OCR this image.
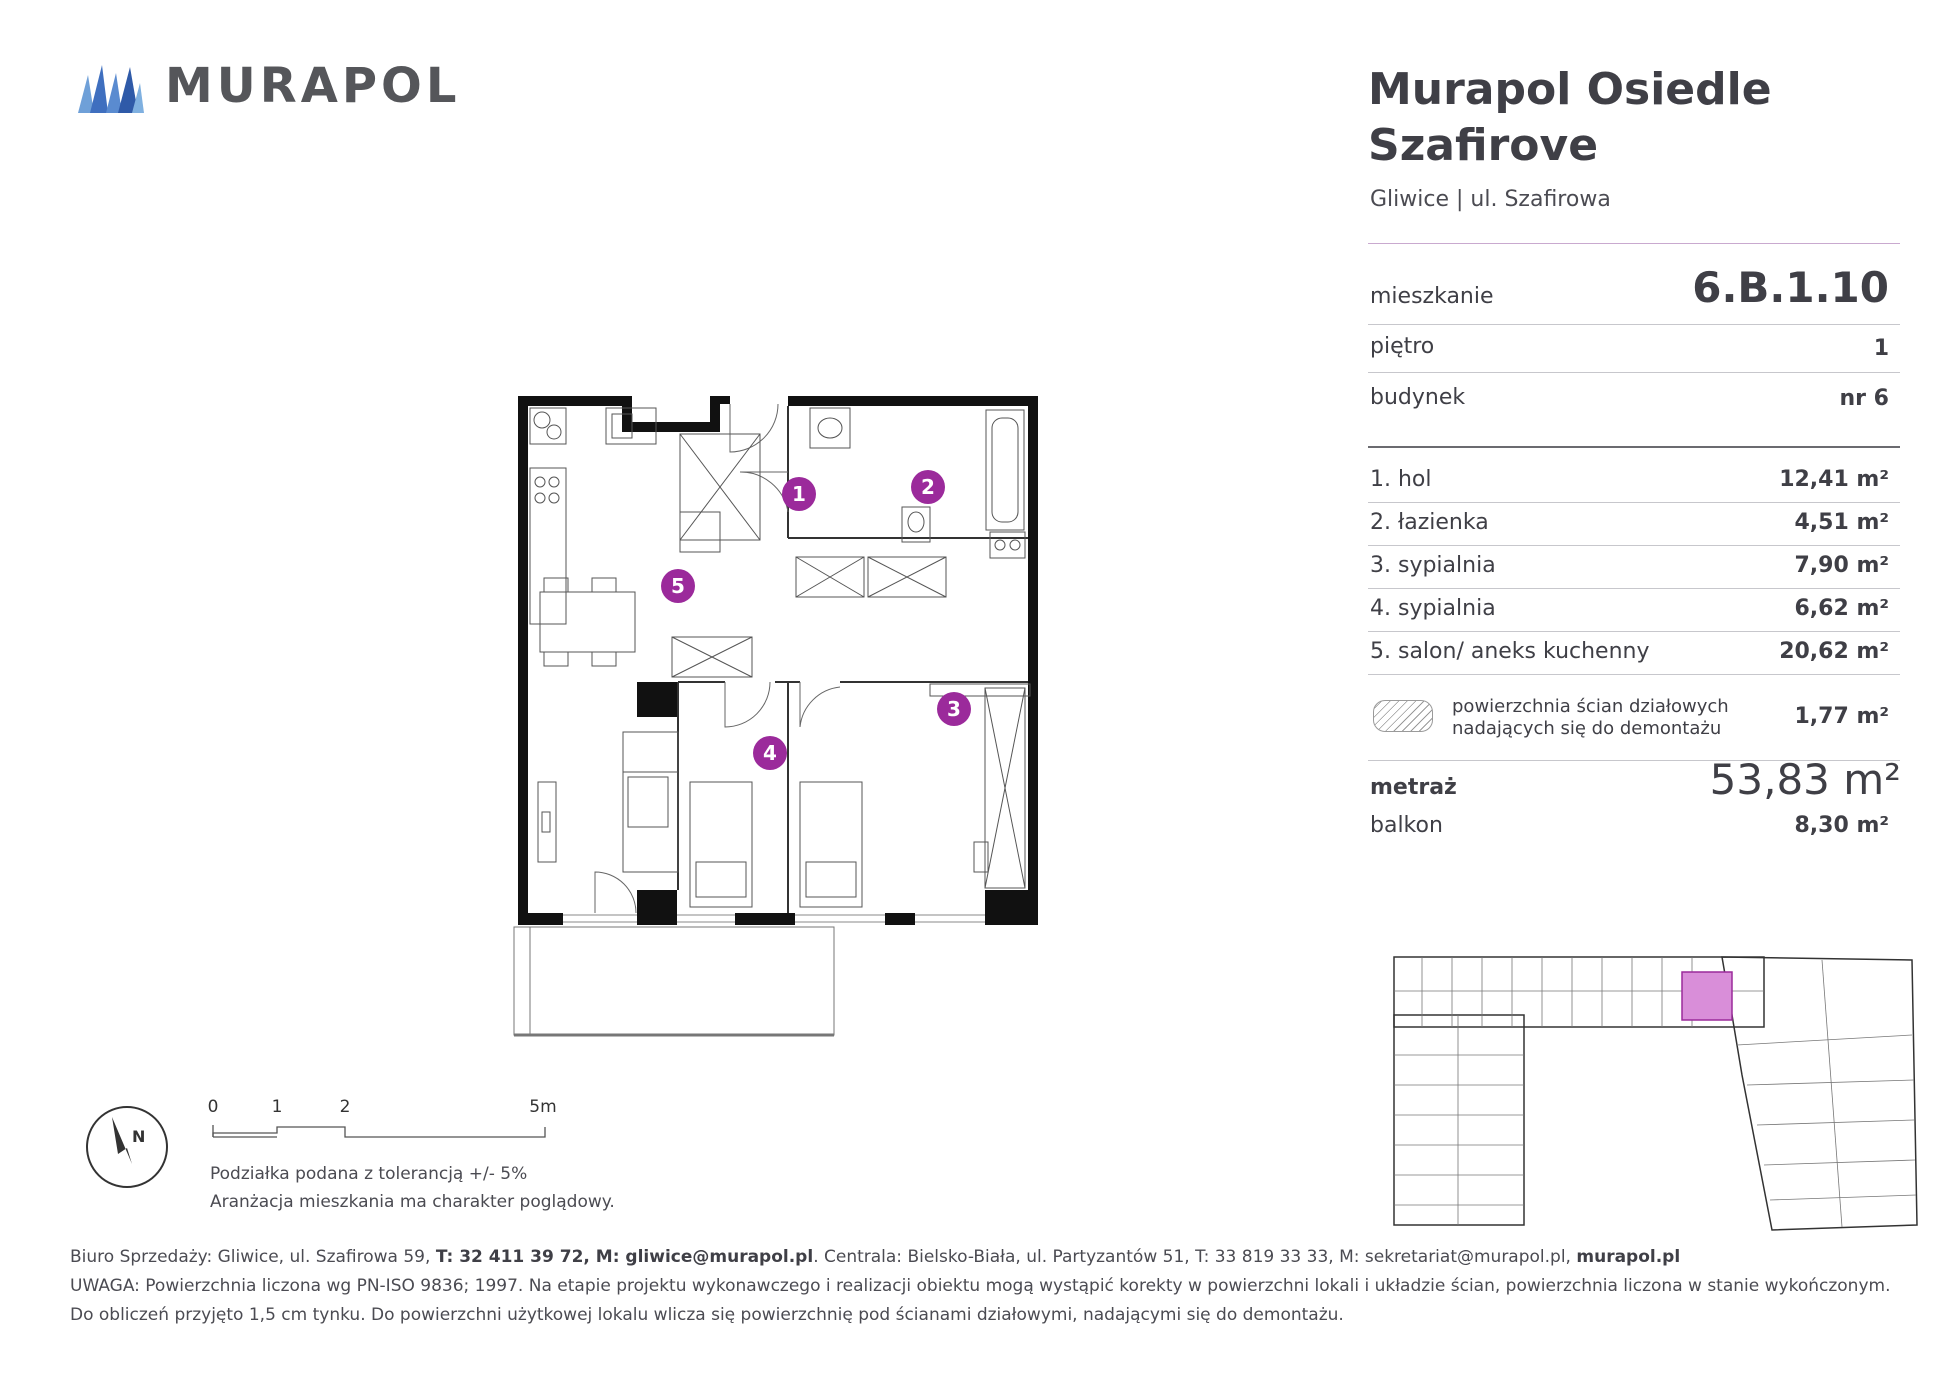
MURAPOL	Murapol Osiedle Szafirove
Gliwice | ul. Szafirowa
mieszkanie	6.B.1.10
piętro	1
budynek	nr 6
1. hol	12,41 m²
2. łazienka	4,51 m²
3. sypialnia	7,90 m²
4. sypialnia	6,62 m²
5. salon/ aneks kuchenny	20,62 m²
powierzchnia ścian działowych
nadających się do demontażu	1,77 m²
metraż	53,83 m²
balkon	8,30 m²
1	2
3
4
5
N
0	1	2	5m
Podziałka podana z tolerancją +/- 5%
Aranżacja mieszkania ma charakter poglądowy.
Biuro Sprzedaży: Gliwice, ul. Szafirowa 59, T: 32 411 39 72, M: gliwice@murapol.pl. Centrala: Bielsko-Biała, ul. Partyzantów 51, T: 33 819 33 33, M: sekretariat@murapol.pl, murapol.pl
UWAGA: Powierzchnia liczona wg PN-ISO 9836; 1997. Na etapie projektu wykonawczego i realizacji obiektu mogą wystąpić korekty w powierzchni lokali i układzie ścian, powierzchnia liczona w stanie wykończonym.
Do obliczeń przyjęto 1,5 cm tynku. Do powierzchni użytkowej lokalu wlicza się powierzchnię pod ścianami działowymi, nadającymi się do demontażu.
